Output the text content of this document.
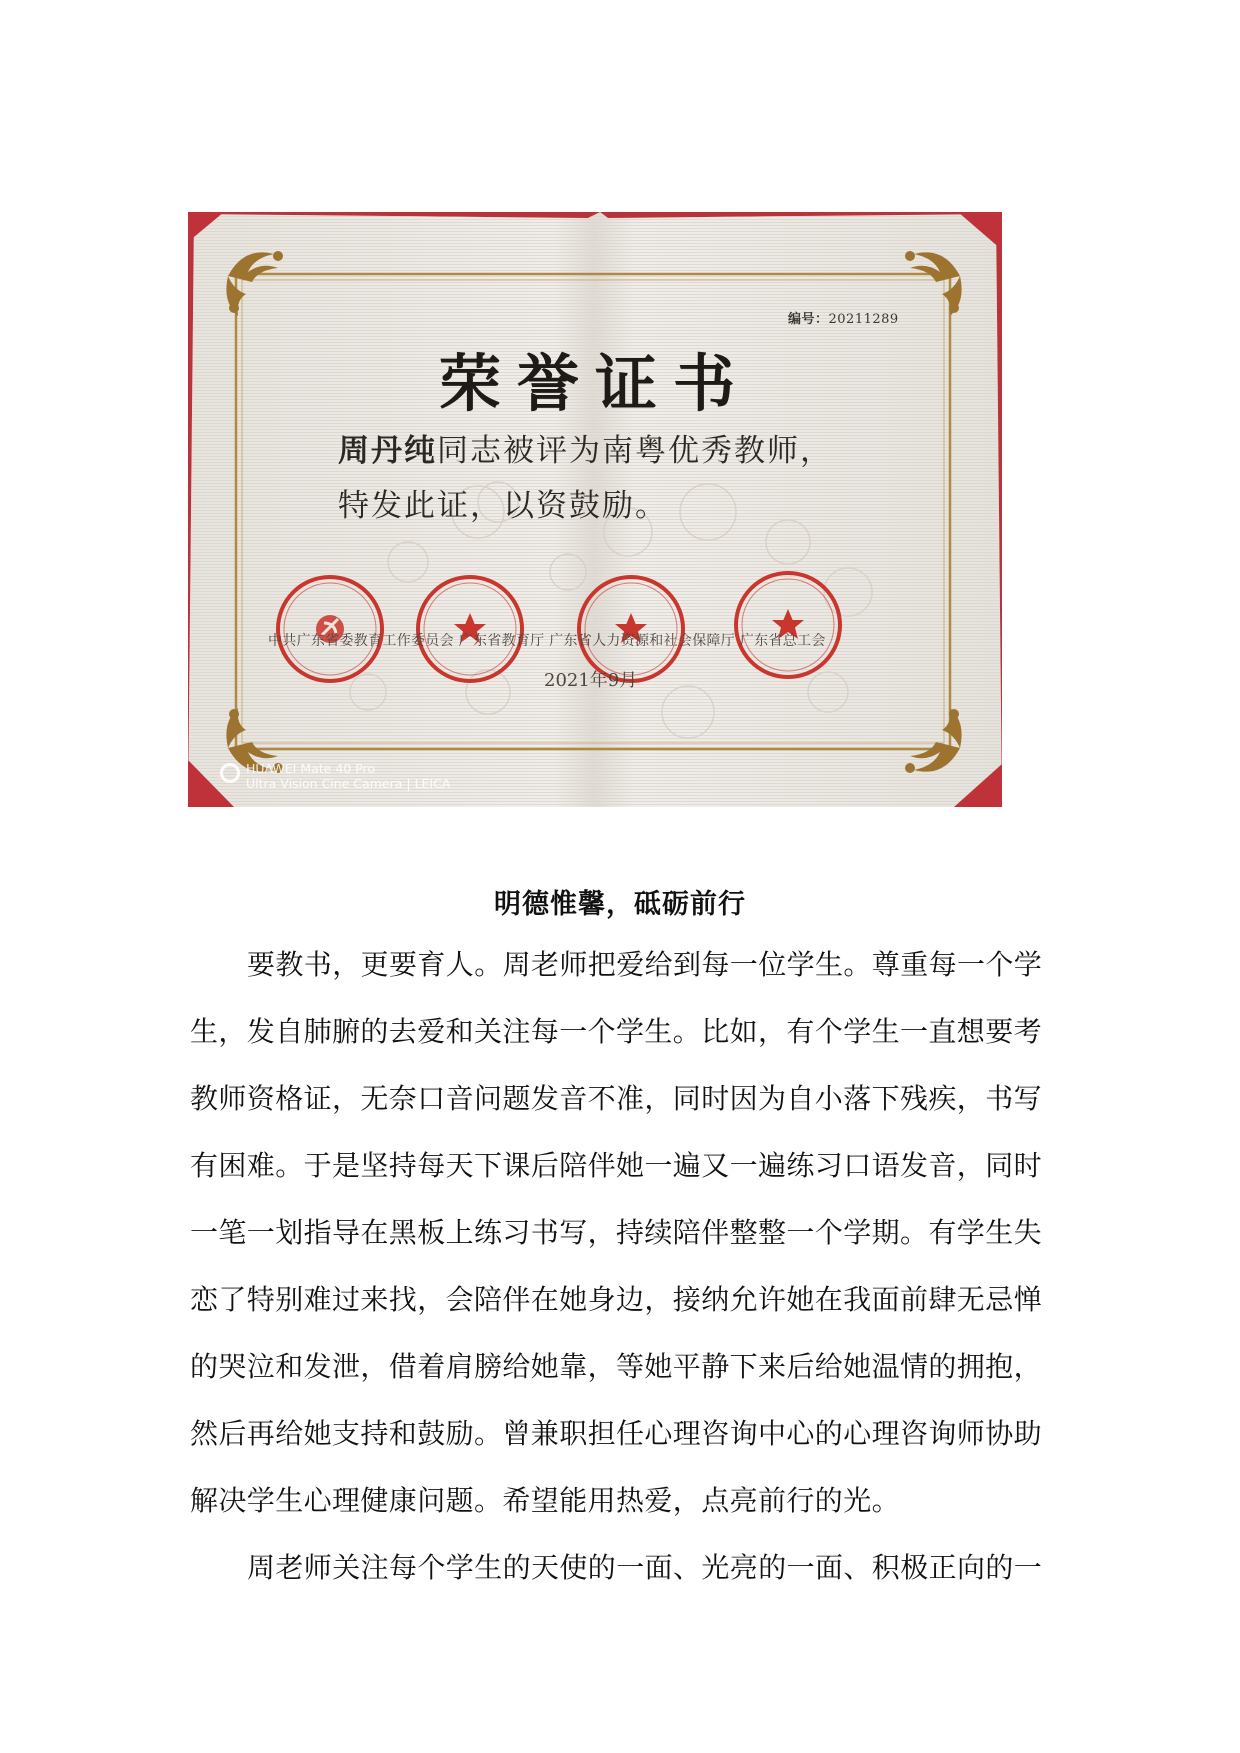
编号：20211289
荣誉证书
周丹纯同志被评为南粤优秀教师，
特发此证，以资鼓励。
中共广东省委教育工作委员会 广东省教育厅 广东省人力资源和社会保障厅 广东省总工会
2021年9月
HUAWEI Mate 40 Pro
Ultra Vision Cine Camera | LEICA
明德惟馨，砥砺前行
要教书，更要育人。周老师把爱给到每一位学生。尊重每一个学
生，发自肺腑的去爱和关注每一个学生。比如，有个学生一直想要考
教师资格证，无奈口音问题发音不准，同时因为自小落下残疾，书写
有困难。于是坚持每天下课后陪伴她一遍又一遍练习口语发音，同时
一笔一划指导在黑板上练习书写，持续陪伴整整一个学期。有学生失
恋了特别难过来找，会陪伴在她身边，接纳允许她在我面前肆无忌惮
的哭泣和发泄，借着肩膀给她靠，等她平静下来后给她温情的拥抱，
然后再给她支持和鼓励。曾兼职担任心理咨询中心的心理咨询师协助
解决学生心理健康问题。希望能用热爱，点亮前行的光。
周老师关注每个学生的天使的一面、光亮的一面、积极正向的一
